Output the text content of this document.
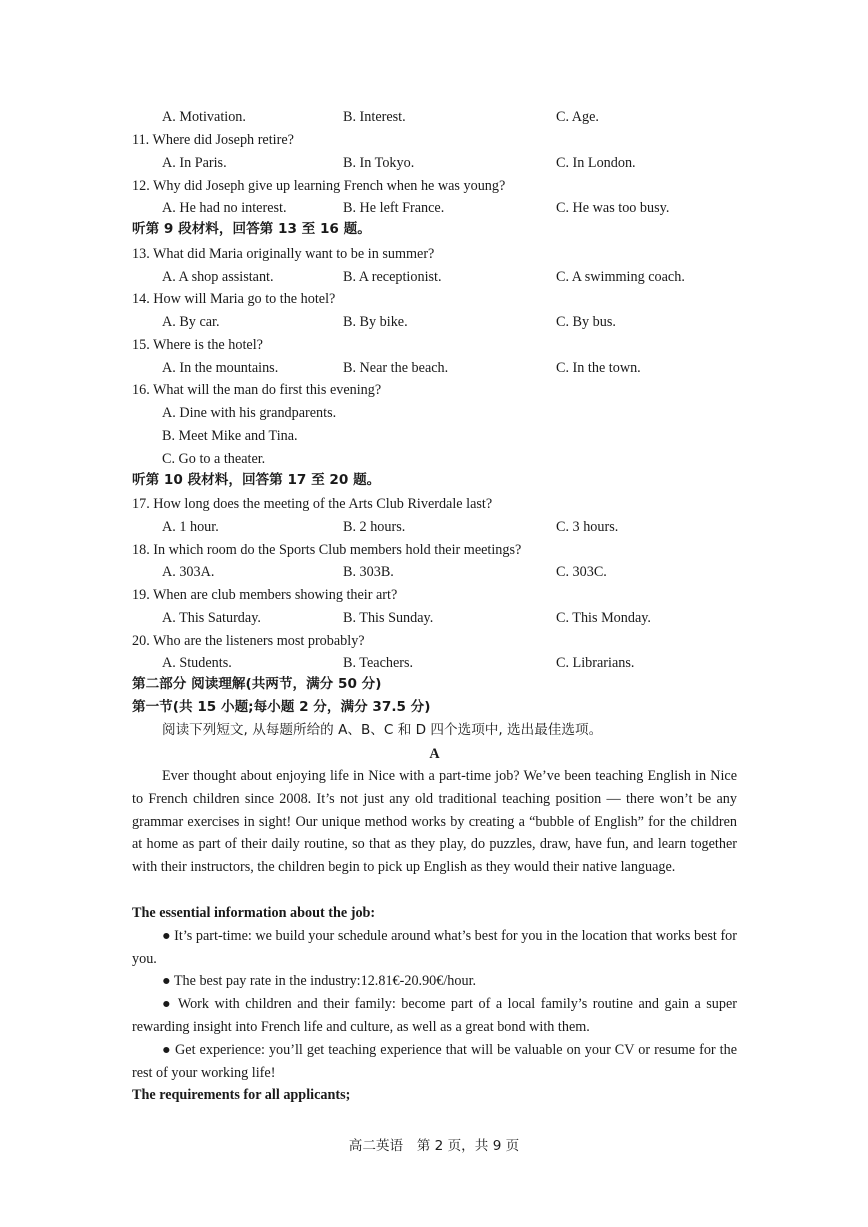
A. Motivation.	B. Interest.	C. Age.
11. Where did Joseph retire?
A. In Paris.	B. In Tokyo.	C. In London.
12. Why did Joseph give up learning French when he was young?
A. He had no interest.	B. He left France.	C. He was too busy.
听第 9 段材料，回答第 13 至 16 题。
13. What did Maria originally want to be in summer?
A. A shop assistant.	B. A receptionist.	C. A swimming coach.
14. How will Maria go to the hotel?
A. By car.	B. By bike.	C. By bus.
15. Where is the hotel?
A. In the mountains.	B. Near the beach.	C. In the town.
16. What will the man do first this evening?
A. Dine with his grandparents.
B. Meet Mike and Tina.
C. Go to a theater.
听第 10 段材料，回答第 17 至 20 题。
17. How long does the meeting of the Arts Club Riverdale last?
A. 1 hour.	B. 2 hours.	C. 3 hours.
18. In which room do the Sports Club members hold their meetings?
A. 303A.	B. 303B.	C. 303C.
19. When are club members showing their art?
A. This Saturday.	B. This Sunday.	C. This Monday.
20. Who are the listeners most probably?
A. Students.	B. Teachers.	C. Librarians.
第二部分 阅读理解(共两节，满分 50 分)
第一节(共 15 小题;每小题 2 分，满分 37.5 分)
阅读下列短文, 从每题所给的 A、B、C 和 D 四个选项中, 选出最佳选项。
A

Ever thought about enjoying life in Nice with a part-time job? We’ve been teaching English in Nice to French children since 2008. It’s not just any old traditional teaching position — there won’t be any grammar exercises in sight! Our unique method works by creating a “bubble of English” for the children at home as part of their daily routine, so that as they play, do puzzles, draw, have fun, and learn together with their instructors, the children begin to pick up English as they would their native language.

The essential information about the job:

● It’s part-time: we build your schedule around what’s best for you in the location that works best for you.

● The best pay rate in the industry:12.81€-20.90€/hour.

● Work with children and their family: become part of a local family’s routine and gain a super rewarding insight into French life and culture, as well as a great bond with them.

● Get experience: you’ll get teaching experience that will be valuable on your CV or resume for the rest of your working life!

The requirements for all applicants;
高二英语　第 2 页，共 9 页
